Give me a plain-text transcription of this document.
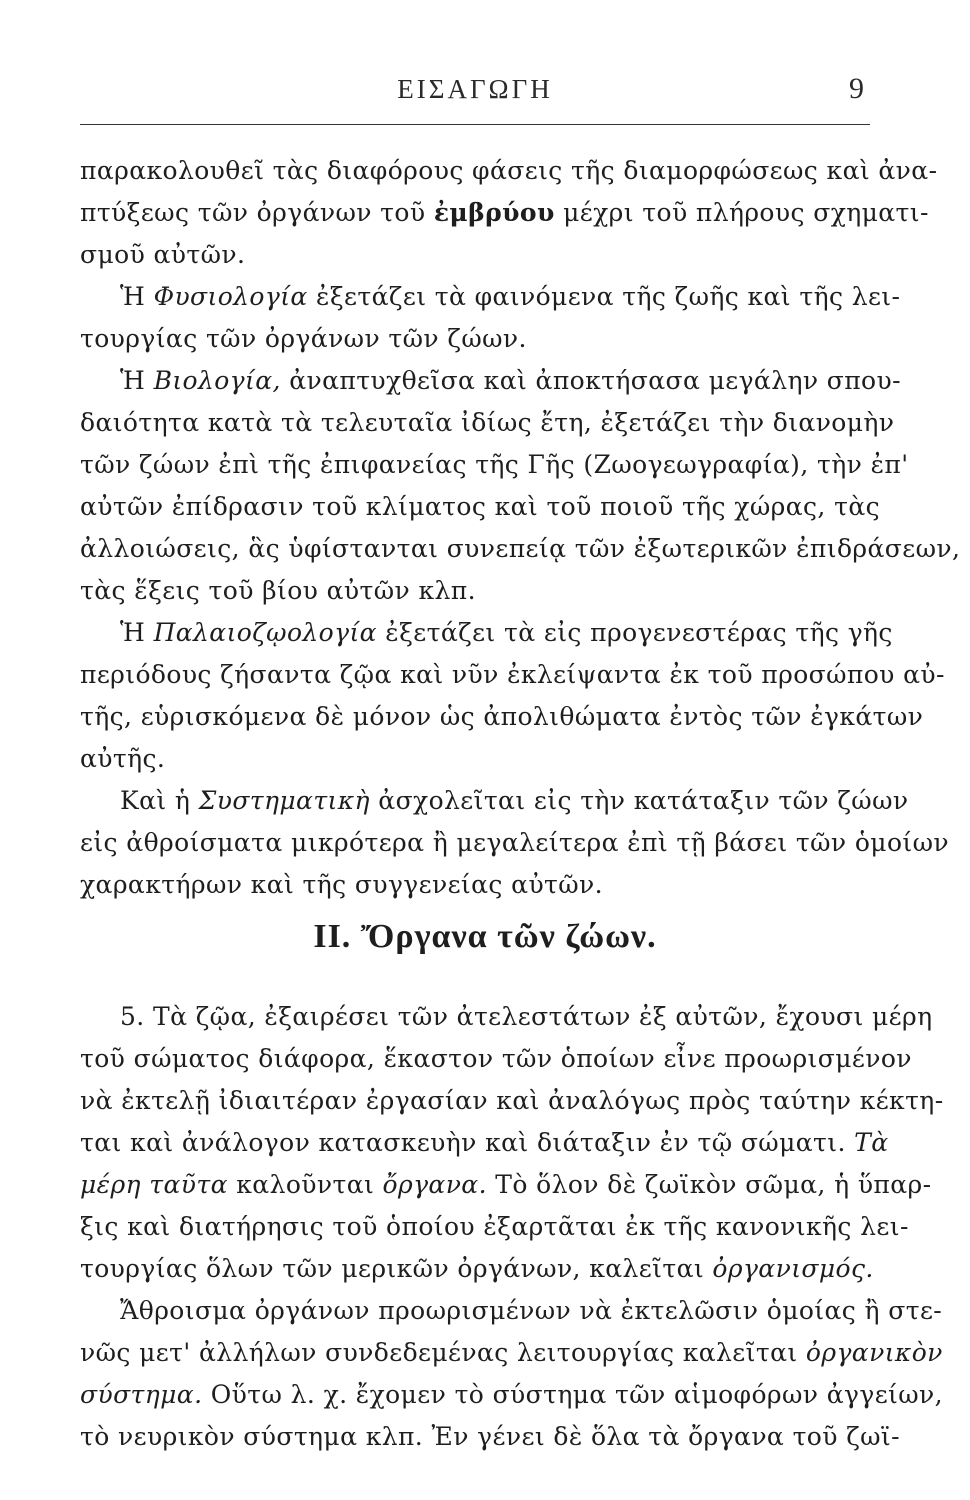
ΕΙΣΑΓΩΓΗ	9
παρακολουθεῖ τὰς διαφόρους φάσεις τῆς διαμορφώσεως καὶ ἀνα-
πτύξεως τῶν ὀργάνων τοῦ ἐμβρύου μέχρι τοῦ πλήρους σχηματι-
σμοῦ αὐτῶν.
Ἡ Φυσιολογία ἐξετάζει τὰ φαινόμενα τῆς ζωῆς καὶ τῆς λει-
τουργίας τῶν ὀργάνων τῶν ζώων.
Ἡ Βιολογία, ἀναπτυχθεῖσα καὶ ἀποκτήσασα μεγάλην σπου-
δαιότητα κατὰ τὰ τελευταῖα ἰδίως ἔτη, ἐξετάζει τὴν διανομὴν
τῶν ζώων ἐπὶ τῆς ἐπιφανείας τῆς Γῆς (Ζωογεωγραφία), τὴν ἐπ'
αὐτῶν ἐπίδρασιν τοῦ κλίματος καὶ τοῦ ποιοῦ τῆς χώρας, τὰς
ἀλλοιώσεις, ἃς ὑφίστανται συνεπείᾳ τῶν ἐξωτερικῶν ἐπιδράσεων,
τὰς ἕξεις τοῦ βίου αὐτῶν κλπ.
Ἡ Παλαιοζῳολογία ἐξετάζει τὰ εἰς προγενεστέρας τῆς γῆς
περιόδους ζήσαντα ζῷα καὶ νῦν ἐκλείψαντα ἐκ τοῦ προσώπου αὐ-
τῆς, εὑρισκόμενα δὲ μόνον ὡς ἀπολιθώματα ἐντὸς τῶν ἐγκάτων
αὐτῆς.
Καὶ ἡ Συστηματικὴ ἀσχολεῖται εἰς τὴν κατάταξιν τῶν ζώων
εἰς ἀθροίσματα μικρότερα ἢ μεγαλείτερα ἐπὶ τῇ βάσει τῶν ὁμοίων
χαρακτήρων καὶ τῆς συγγενείας αὐτῶν.
II. Ὄργανα τῶν ζώων.
5. Τὰ ζῷα, ἐξαιρέσει τῶν ἀτελεστάτων ἐξ αὐτῶν, ἔχουσι μέρη
τοῦ σώματος διάφορα, ἕκαστον τῶν ὁποίων εἶνε προωρισμένον
νὰ ἐκτελῇ ἰδιαιτέραν ἐργασίαν καὶ ἀναλόγως πρὸς ταύτην κέκτη-
ται καὶ ἀνάλογον κατασκευὴν καὶ διάταξιν ἐν τῷ σώματι. Τὰ
μέρη ταῦτα καλοῦνται ὄργανα. Τὸ ὅλον δὲ ζωϊκὸν σῶμα, ἡ ὕπαρ-
ξις καὶ διατήρησις τοῦ ὁποίου ἐξαρτᾶται ἐκ τῆς κανονικῆς λει-
τουργίας ὅλων τῶν μερικῶν ὀργάνων, καλεῖται ὀργανισμός.
Ἄθροισμα ὀργάνων προωρισμένων νὰ ἐκτελῶσιν ὁμοίας ἢ στε-
νῶς μετ' ἀλλήλων συνδεδεμένας λειτουργίας καλεῖται ὀργανικὸν
σύστημα. Οὕτω λ. χ. ἔχομεν τὸ σύστημα τῶν αἱμοφόρων ἀγγείων,
τὸ νευρικὸν σύστημα κλπ. Ἐν γένει δὲ ὅλα τὰ ὄργανα τοῦ ζωϊ-
